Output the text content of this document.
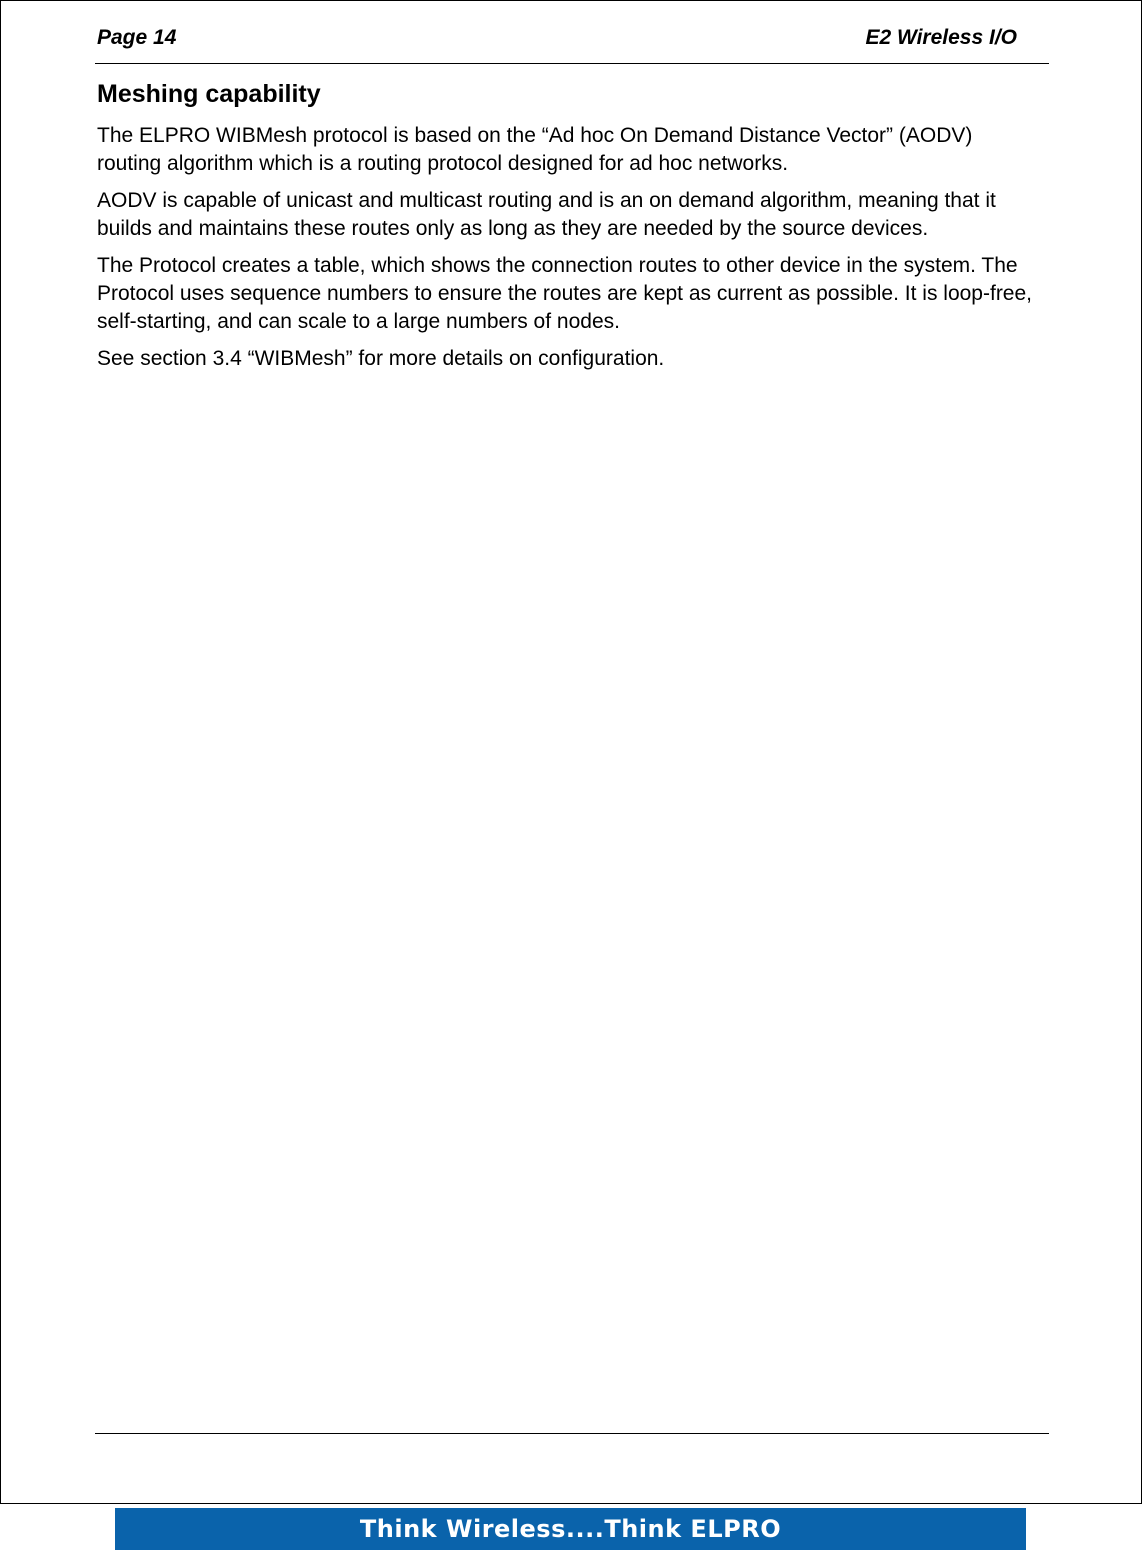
Page 14	E2 Wireless I/O
Meshing capability

The ELPRO WIBMesh protocol is based on the “Ad hoc On Demand Distance Vector” (AODV) routing algorithm which is a routing protocol designed for ad hoc networks.

AODV is capable of unicast and multicast routing and is an on demand algorithm, meaning that it builds and maintains these routes only as long as they are needed by the source devices.

The Protocol creates a table, which shows the connection routes to other device in the system. The Protocol uses sequence numbers to ensure the routes are kept as current as possible. It is loop-free, self-starting, and can scale to a large numbers of nodes.

See section 3.4 “WIBMesh” for more details on configuration.

Think Wireless....Think ELPRO
